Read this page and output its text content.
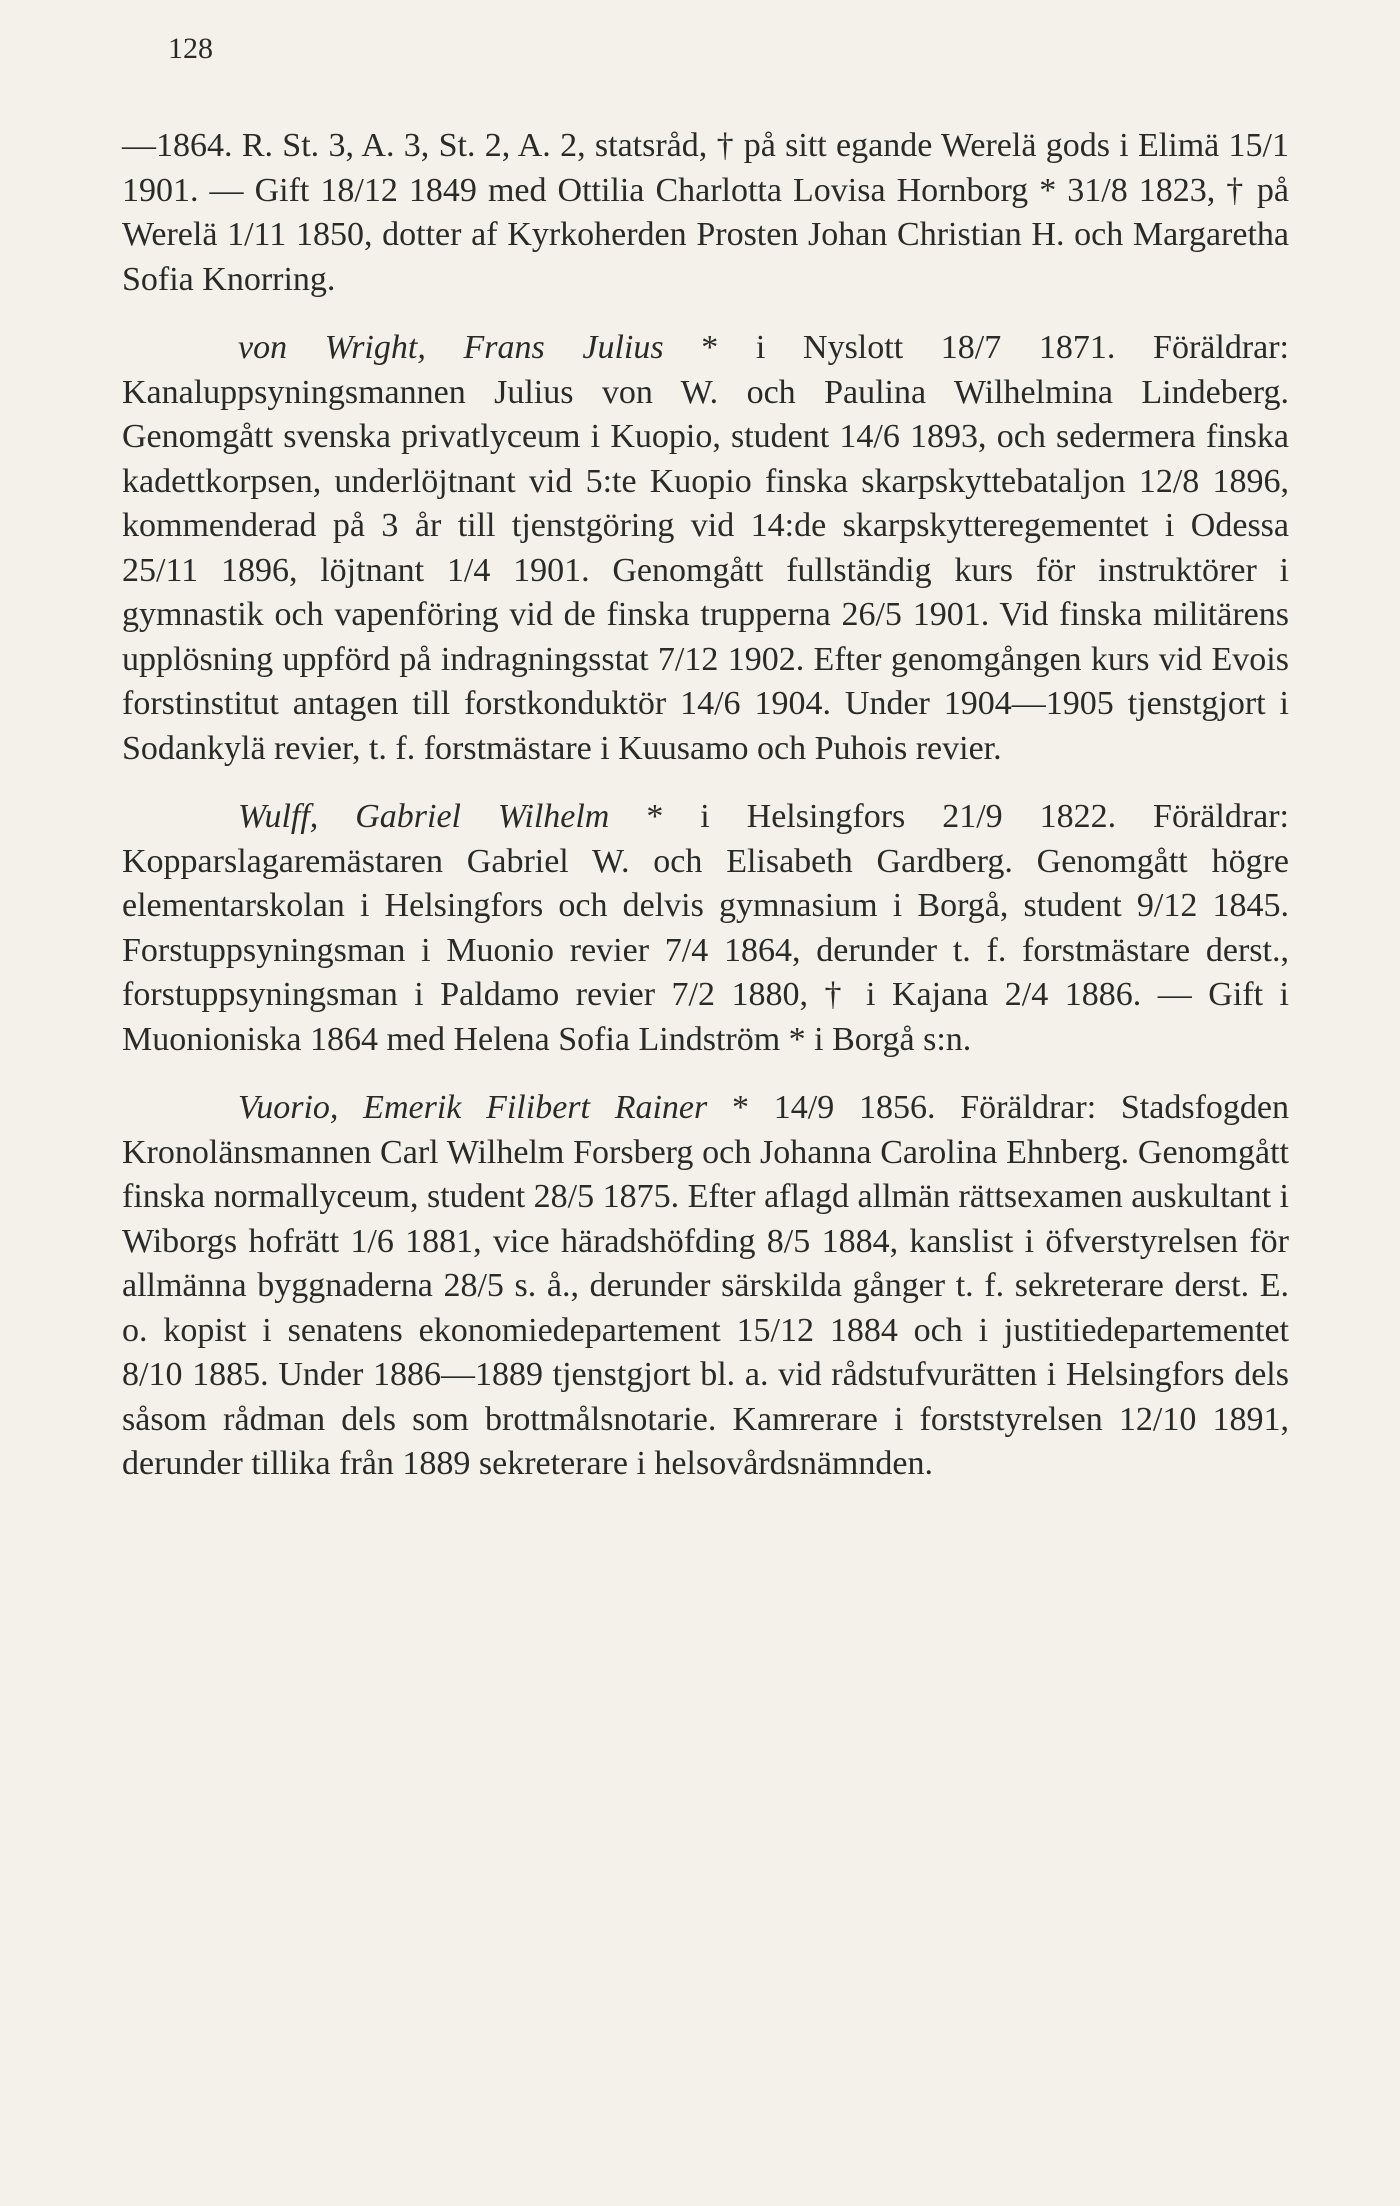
128

—1864. R. St. 3, A. 3, St. 2, A. 2, statsråd, † på sitt egande Werelä gods i Elimä 15/1 1901. — Gift 18/12 1849 med Ottilia Charlotta Lovisa Hornborg * 31/8 1823, † på Werelä 1/11 1850, dotter af Kyrkoherden Prosten Johan Christian H. och Margaretha Sofia Knorring.

von Wright, Frans Julius * i Nyslott 18/7 1871. Föräldrar: Kanaluppsyningsmannen Julius von W. och Paulina Wilhelmina Lindeberg. Genomgått svenska privatlyceum i Kuopio, student 14/6 1893, och sedermera finska kadettkorpsen, underlöjtnant vid 5:te Kuopio finska skarpskyttebataljon 12/8 1896, kommenderad på 3 år till tjenstgöring vid 14:de skarpskytteregementet i Odessa 25/11 1896, löjtnant 1/4 1901. Genomgått fullständig kurs för instruktörer i gymnastik och vapenföring vid de finska trupperna 26/5 1901. Vid finska militärens upplösning uppförd på indragningsstat 7/12 1902. Efter genomgången kurs vid Evois forstinstitut antagen till forstkonduktör 14/6 1904. Under 1904—1905 tjenstgjort i Sodankylä revier, t. f. forstmästare i Kuusamo och Puhois revier.

Wulff, Gabriel Wilhelm * i Helsingfors 21/9 1822. Föräldrar: Kopparslagaremästaren Gabriel W. och Elisabeth Gardberg. Genomgått högre elementarskolan i Helsingfors och delvis gymnasium i Borgå, student 9/12 1845. Forstuppsyningsman i Muonio revier 7/4 1864, derunder t. f. forstmästare derst., forstuppsyningsman i Paldamo revier 7/2 1880, † i Kajana 2/4 1886. — Gift i Muonioniska 1864 med Helena Sofia Lindström * i Borgå s:n.

Vuorio, Emerik Filibert Rainer * 14/9 1856. Föräldrar: Stadsfogden Kronolänsmannen Carl Wilhelm Forsberg och Johanna Carolina Ehnberg. Genomgått finska normallyceum, student 28/5 1875. Efter aflagd allmän rättsexamen auskultant i Wiborgs hofrätt 1/6 1881, vice häradshöfding 8/5 1884, kanslist i öfverstyrelsen för allmänna byggnaderna 28/5 s. å., derunder särskilda gånger t. f. sekreterare derst. E. o. kopist i senatens ekonomiedepartement 15/12 1884 och i justitiedepartementet 8/10 1885. Under 1886—1889 tjenstgjort bl. a. vid rådstufvurätten i Helsingfors dels såsom rådman dels som brottmålsnotarie. Kamrerare i forststyrelsen 12/10 1891, derunder tillika från 1889 sekreterare i helsovårdsnämnden.
